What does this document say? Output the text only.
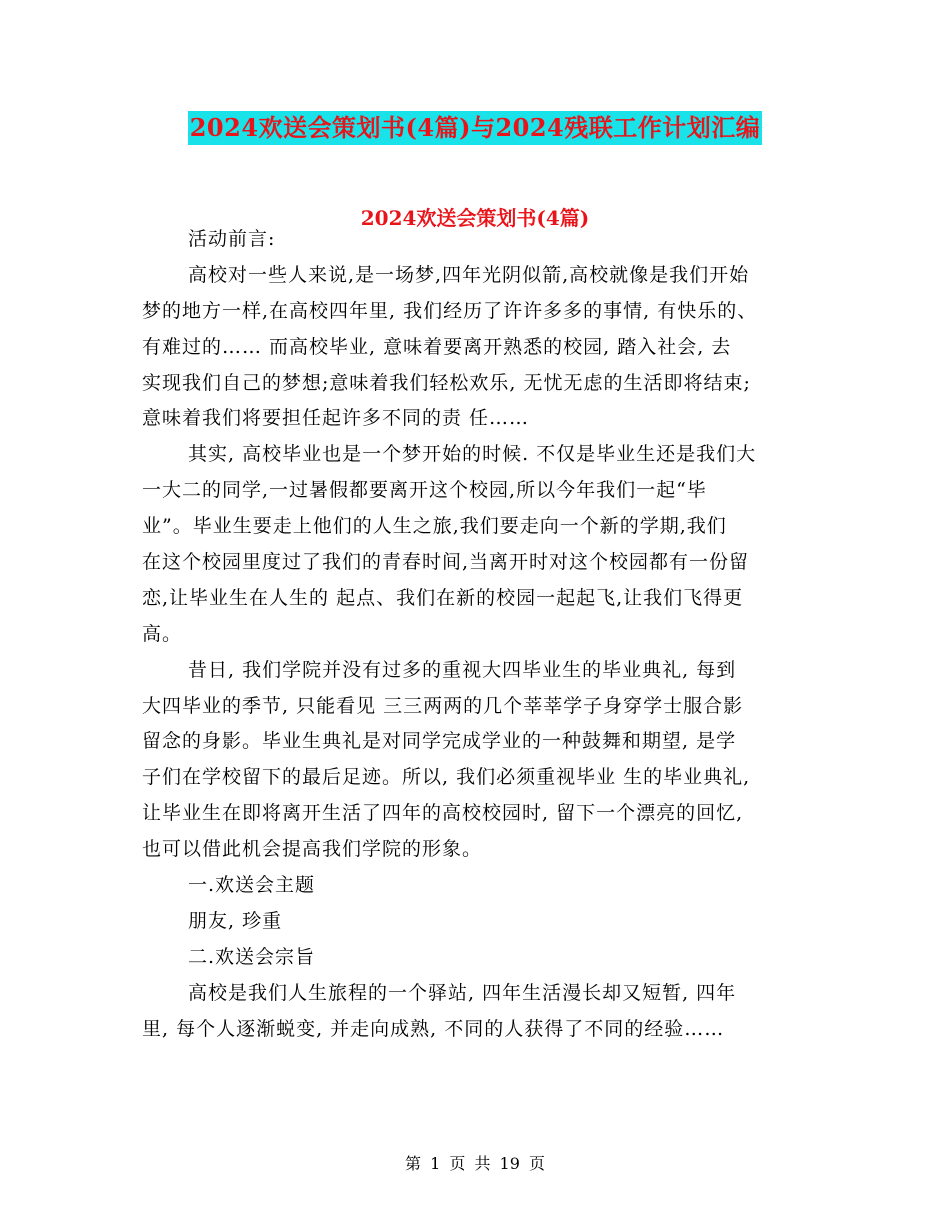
2024欢送会策划书(4篇)与2024残联工作计划汇编
2024欢送会策划书(4篇)
活动前言:
高校对一些人来说,是一场梦,四年光阴似箭,高校就像是我们开始
梦的地方一样,在高校四年里, 我们经历了许许多多的事情, 有快乐的、
有难过的…… 而高校毕业, 意味着要离开熟悉的校园, 踏入社会, 去
实现我们自己的梦想;意味着我们轻松欢乐, 无忧无虑的生活即将结束;
意味着我们将要担任起许多不同的责 任……
其实, 高校毕业也是一个梦开始的时候. 不仅是毕业生还是我们大
一大二的同学,一过暑假都要离开这个校园,所以今年我们一起“毕
业”。毕业生要走上他们的人生之旅,我们要走向一个新的学期,我们
在这个校园里度过了我们的青春时间,当离开时对这个校园都有一份留
恋,让毕业生在人生的 起点、我们在新的校园一起起飞,让我们飞得更
高。
昔日, 我们学院并没有过多的重视大四毕业生的毕业典礼, 每到
大四毕业的季节, 只能看见 三三两两的几个莘莘学子身穿学士服合影
留念的身影。毕业生典礼是对同学完成学业的一种鼓舞和期望, 是学
子们在学校留下的最后足迹。所以, 我们必须重视毕业 生的毕业典礼,
让毕业生在即将离开生活了四年的高校校园时, 留下一个漂亮的回忆,
也可以借此机会提高我们学院的形象。
一.欢送会主题
朋友, 珍重
二.欢送会宗旨
高校是我们人生旅程的一个驿站, 四年生活漫长却又短暂, 四年
里, 每个人逐渐蜕变, 并走向成熟, 不同的人获得了不同的经验……
第 1 页 共 19 页
